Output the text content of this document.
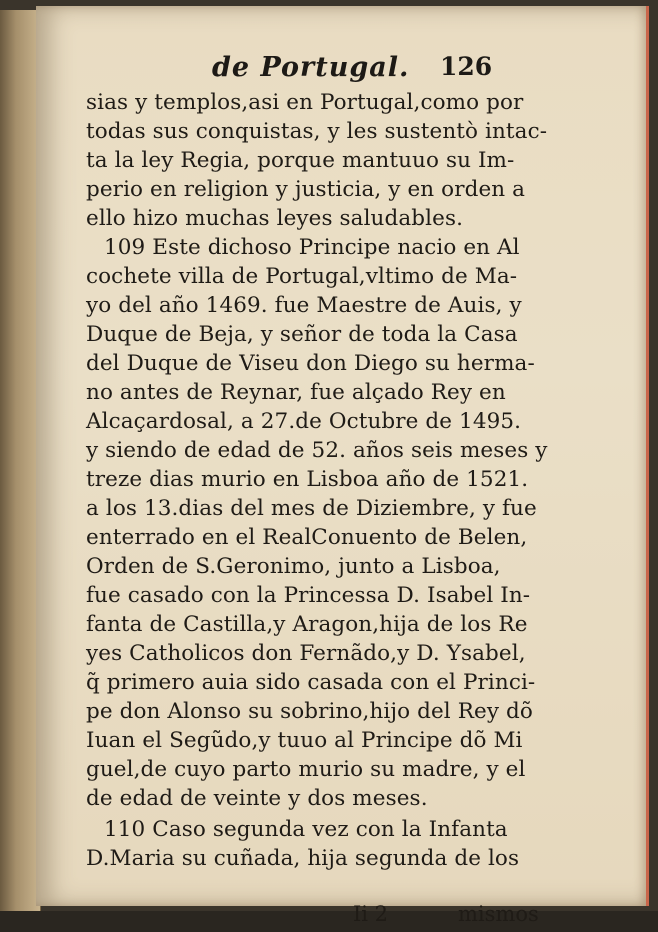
de Portugal. 126
sias y templos,asi en Portugal,como por
todas sus conquistas, y les sustentò intac-
ta la ley Regia, porque mantuuo su Im-
perio en religion y justicia, y en orden a
ello hizo muchas leyes saludables.
109 Este dichoso Principe nacio en Al
cochete villa de Portugal,vltimo de Ma-
yo del año 1469. fue Maestre de Auis, y
Duque de Beja, y señor de toda la Casa
del Duque de Viseu don Diego su herma-
no antes de Reynar, fue alçado Rey en
Alcaçardosal, a 27.de Octubre de 1495.
y siendo de edad de 52. años seis meses y
treze dias murio en Lisboa año de 1521.
a los 13.dias del mes de Diziembre, y fue
enterrado en el RealConuento de Belen,
Orden de S.Geronimo, junto a Lisboa,
fue casado con la Princessa D. Isabel In-
fanta de Castilla,y Aragon,hija de los Re
yes Catholicos don Fernãdo,y D. Ysabel,
q̃ primero auia sido casada con el Princi-
pe don Alonso su sobrino,hijo del Rey dõ
Iuan el Segũdo,y tuuo al Principe dõ Mi
guel,de cuyo parto murio su madre, y el
de edad de veinte y dos meses.
110 Caso segunda vez con la Infanta
D.Maria su cuñada, hija segunda de los
Ii 2	mismos
